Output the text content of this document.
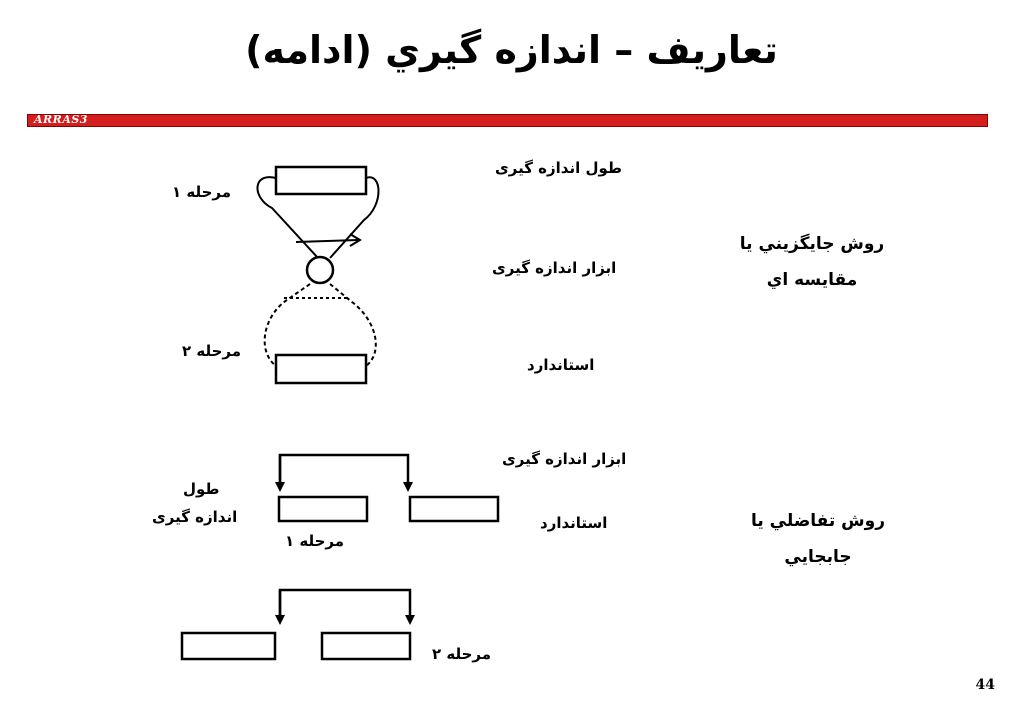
تعاريف – اندازه گيري (ادامه)
ARRAS3
طول اندازه گیری
مرحله ۱
ابزار اندازه گیری
مرحله ۲
استاندارد
ابزار اندازه گیری
طول
اندازه گیری	استاندارد
مرحله ۱
مرحله ۲
روش جايگزيني يا
مقايسه اي
روش تفاضلي يا
جابجايي
44
